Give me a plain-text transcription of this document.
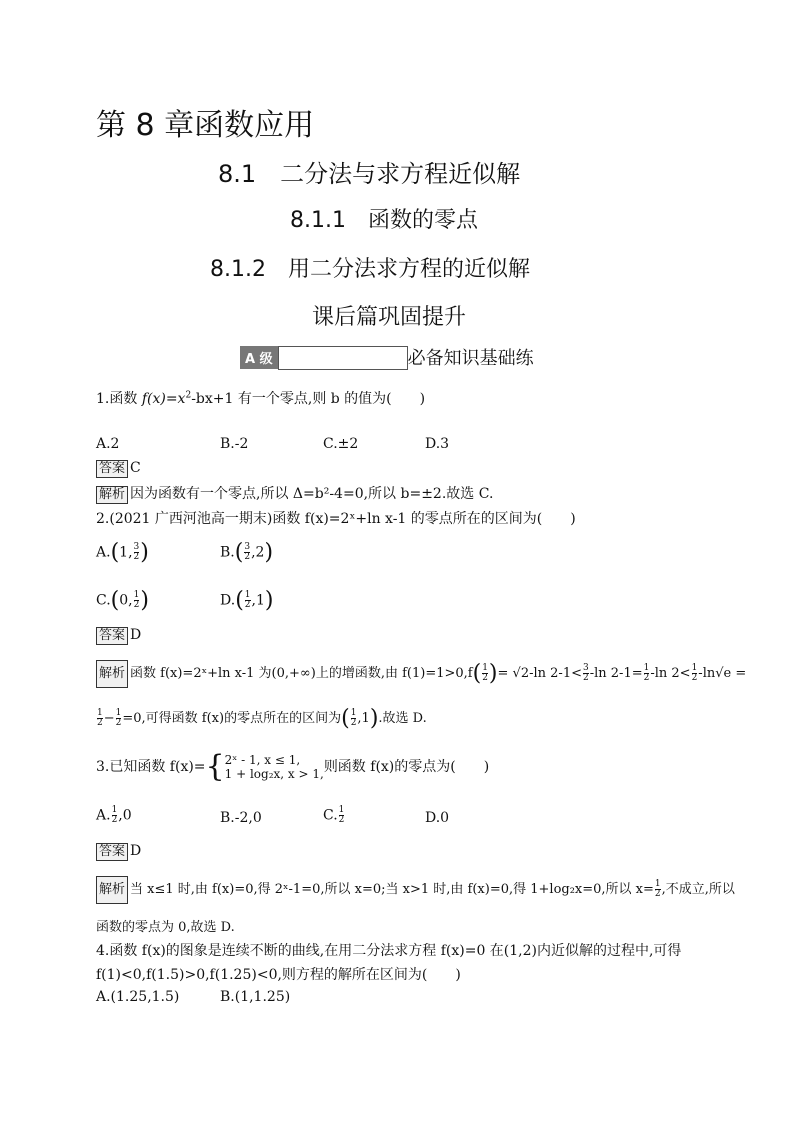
第 8 章函数应用
8.1　二分法与求方程近似解
8.1.1　函数的零点
8.1.2　用二分法求方程的近似解
课后篇巩固提升
A 级	必备知识基础练
1.函数 $f(x)=x^2-bx+1$ 有一个零点,则 b 的值为(　　)
A.2	B.-2	C.±2	D.3
答案 C
解析 因为函数有一个零点,所以 Δ=b²-4=0,所以 b=±2.故选 C.
2.(2021 广西河池高一期末)函数 f(x)=2ˣ+ln x-1 的零点所在的区间为(　　)
A.(1, $\frac{3}{2}$ )	$B.( \frac{3}{2} ,2)$
C.(0, $\frac{1}{2}$ )	$D.( \frac{1}{2} ,1)$
答案 D
解析 函数 f(x)=2ˣ+ln x-1 为(0,+∞)上的增函数,由 $f(1)=1>0,f( \frac{1}{2}$ )= √2-ln $2-1< \frac{3}{2} -\ln$ $2-1= \frac{1}{2} -\ln$ $2< \frac{1}{2} -\ln√e$ =
$\frac{1}{2} - \frac{1}{2} =0$,可得函数 f(x)的零点所在的区间为( $\frac{1}{2} ,1$).故选 D.
3.已知函数 f(x)={ 2ˣ - 1, x ≤ 1,
1 + log₂x, x > 1, 则函数 f(x)的零点为(　　)
A. $\frac{1}{2} ,0$	B.-2,0	C. $\frac{1}{2}$	D.0
答案 D
解析 当 x≤1 时,由 f(x)=0,得 2ˣ-1=0,所以 x=0;当 x>1 时,由 f(x)=0,得 1+log₂x=0,所以 $x= \frac{1}{2}$ ,不成立,所以
函数的零点为 0,故选 D.
4.函数 f(x)的图象是连续不断的曲线,在用二分法求方程 f(x)=0 在(1,2)内近似解的过程中,可得
f(1)<0,f(1.5)>0,f(1.25)<0,则方程的解所在区间为(　　)
A.(1.25,1.5)	B.(1,1.25)
